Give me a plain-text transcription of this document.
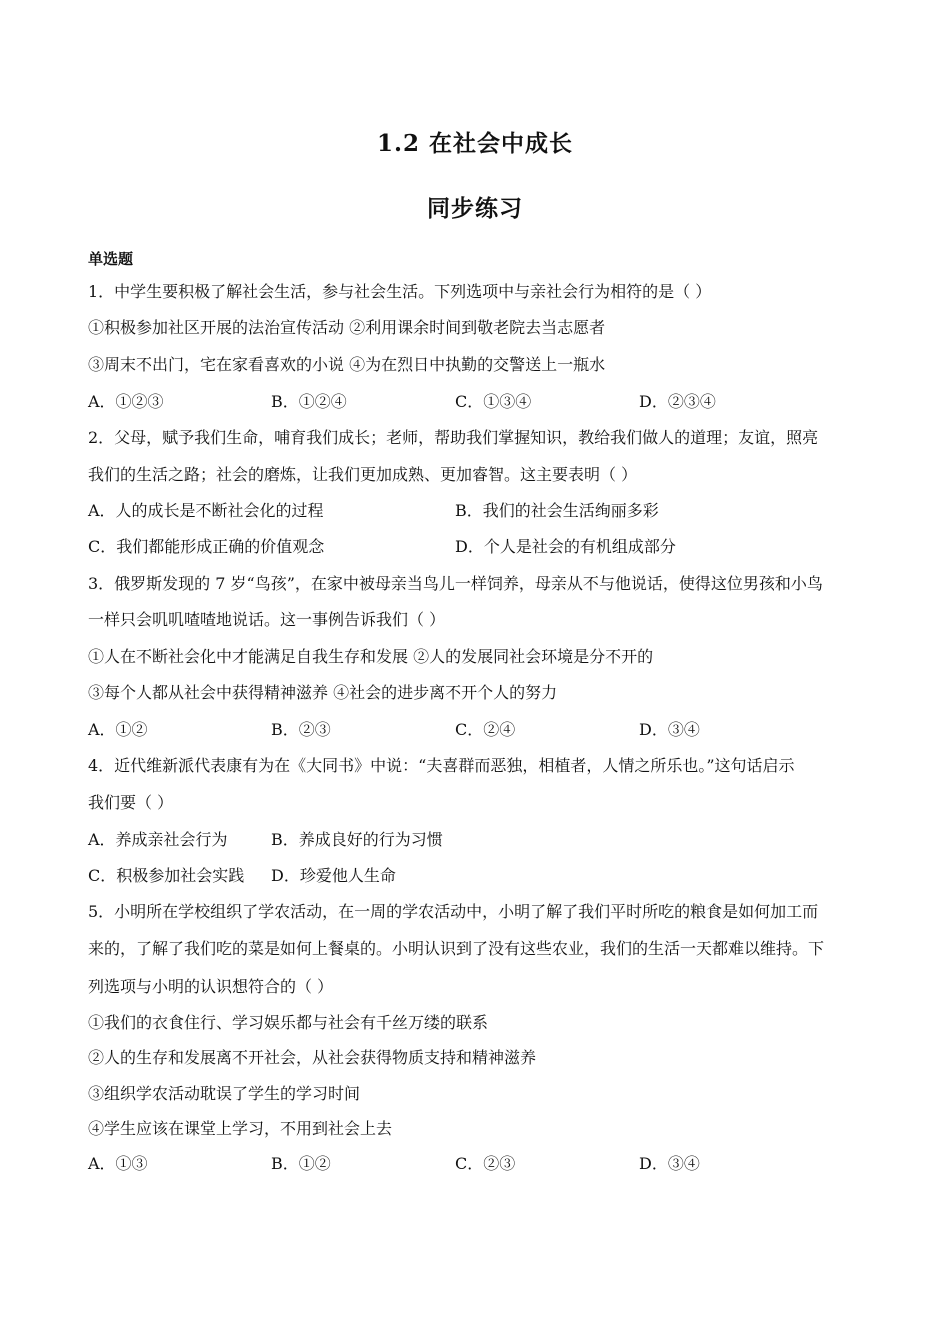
1.2 在社会中成长
同步练习
单选题
1．中学生要积极了解社会生活，参与社会生活。下列选项中与亲社会行为相符的是（ ）
①积极参加社区开展的法治宣传活动 ②利用课余时间到敬老院去当志愿者
③周末不出门，宅在家看喜欢的小说 ④为在烈日中执勤的交警送上一瓶水
A．①②③	B．①②④	C．①③④	D．②③④
2．父母，赋予我们生命，哺育我们成长；老师，帮助我们掌握知识，教给我们做人的道理；友谊，照亮
我们的生活之路；社会的磨炼，让我们更加成熟、更加睿智。这主要表明（ ）
A．人的成长是不断社会化的过程	B．我们的社会生活绚丽多彩
C．我们都能形成正确的价值观念	D．个人是社会的有机组成部分
3．俄罗斯发现的 7 岁“鸟孩”，在家中被母亲当鸟儿一样饲养，母亲从不与他说话，使得这位男孩和小鸟
一样只会叽叽喳喳地说话。这一事例告诉我们（ ）
①人在不断社会化中才能满足自我生存和发展 ②人的发展同社会环境是分不开的
③每个人都从社会中获得精神滋养 ④社会的进步离不开个人的努力
A．①②	B．②③	C．②④	D．③④
4．近代维新派代表康有为在《大同书》中说：“夫喜群而恶独，相植者，人情之所乐也。”这句话启示
我们要（ ）
A．养成亲社会行为	B．养成良好的行为习惯
C．积极参加社会实践 D．珍爱他人生命
5．小明所在学校组织了学农活动，在一周的学农活动中，小明了解了我们平时所吃的粮食是如何加工而
来的，了解了我们吃的菜是如何上餐桌的。小明认识到了没有这些农业，我们的生活一天都难以维持。下
列选项与小明的认识想符合的（ ）
①我们的衣食住行、学习娱乐都与社会有千丝万缕的联系
②人的生存和发展离不开社会，从社会获得物质支持和精神滋养
③组织学农活动耽误了学生的学习时间
④学生应该在课堂上学习，不用到社会上去
A．①③	B．①②	C．②③	D．③④
